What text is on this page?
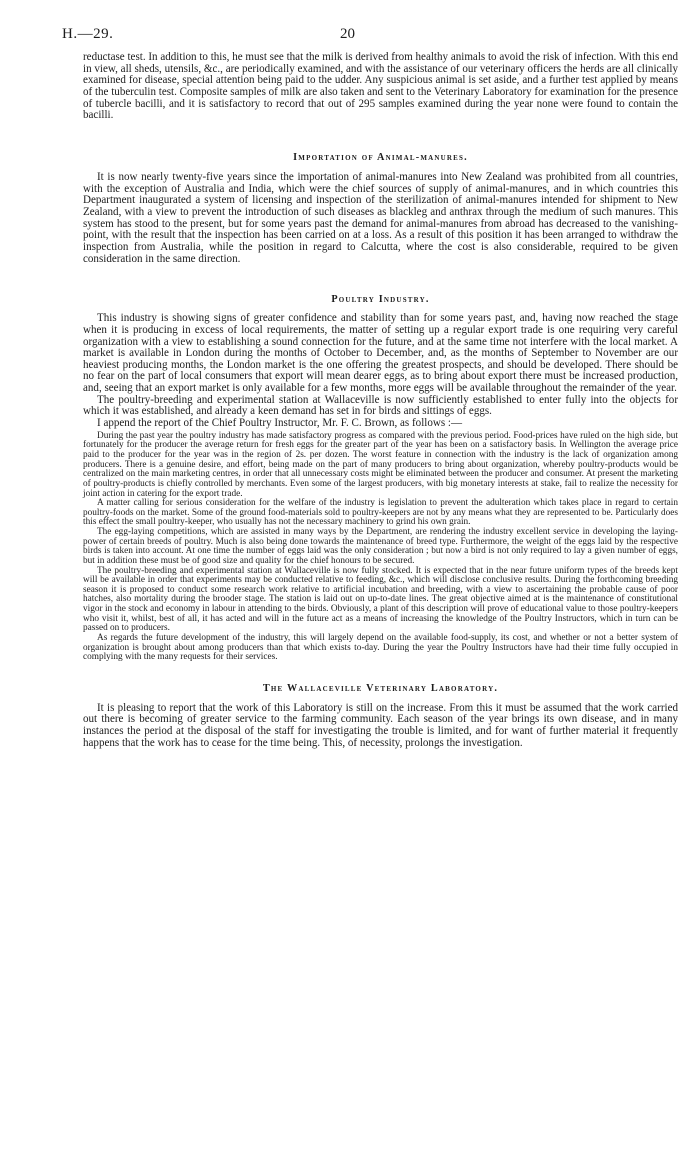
H.—29.	20

reductase test. In addition to this, he must see that the milk is derived from healthy animals to avoid the risk of infection. With this end in view, all sheds, utensils, &c., are periodically examined, and with the assistance of our veterinary officers the herds are all clinically examined for disease, special attention being paid to the udder. Any suspicious animal is set aside, and a further test applied by means of the tuberculin test. Composite samples of milk are also taken and sent to the Veterinary Laboratory for examination for the presence of tubercle bacilli, and it is satisfactory to record that out of 295 samples examined during the year none were found to contain the bacilli.

Importation of Animal-manures.

It is now nearly twenty-five years since the importation of animal-manures into New Zealand was prohibited from all countries, with the exception of Australia and India, which were the chief sources of supply of animal-manures, and in which countries this Department inaugurated a system of licensing and inspection of the sterilization of animal-manures intended for shipment to New Zealand, with a view to prevent the introduction of such diseases as blackleg and anthrax through the medium of such manures. This system has stood to the present, but for some years past the demand for animal-manures from abroad has decreased to the vanishing-point, with the result that the inspection has been carried on at a loss. As a result of this position it has been arranged to withdraw the inspection from Australia, while the position in regard to Calcutta, where the cost is also considerable, required to be given consideration in the same direction.

Poultry Industry.

This industry is showing signs of greater confidence and stability than for some years past, and, having now reached the stage when it is producing in excess of local requirements, the matter of setting up a regular export trade is one requiring very careful organization with a view to establishing a sound connection for the future, and at the same time not interfere with the local market. A market is available in London during the months of October to December, and, as the months of September to November are our heaviest producing months, the London market is the one offering the greatest prospects, and should be developed. There should be no fear on the part of local consumers that export will mean dearer eggs, as to bring about export there must be increased production, and, seeing that an export market is only available for a few months, more eggs will be available throughout the remainder of the year.

The poultry-breeding and experimental station at Wallaceville is now sufficiently established to enter fully into the objects for which it was established, and already a keen demand has set in for birds and sittings of eggs.

I append the report of the Chief Poultry Instructor, Mr. F. C. Brown, as follows :—

During the past year the poultry industry has made satisfactory progress as compared with the previous period. Food-prices have ruled on the high side, but fortunately for the producer the average return for fresh eggs for the greater part of the year has been on a satisfactory basis. In Wellington the average price paid to the producer for the year was in the region of 2s. per dozen. The worst feature in connection with the industry is the lack of organization among producers. There is a genuine desire, and effort, being made on the part of many producers to bring about organization, whereby poultry-products would be centralized on the main marketing centres, in order that all unnecessary costs might be eliminated between the producer and consumer. At present the marketing of poultry-products is chiefly controlled by merchants. Even some of the largest producers, with big monetary interests at stake, fail to realize the necessity for joint action in catering for the export trade.

A matter calling for serious consideration for the welfare of the industry is legislation to prevent the adulteration which takes place in regard to certain poultry-foods on the market. Some of the ground food-materials sold to poultry-keepers are not by any means what they are represented to be. Particularly does this effect the small poultry-keeper, who usually has not the necessary machinery to grind his own grain.

The egg-laying competitions, which are assisted in many ways by the Department, are rendering the industry excellent service in developing the laying-power of certain breeds of poultry. Much is also being done towards the maintenance of breed type. Furthermore, the weight of the eggs laid by the respective birds is taken into account. At one time the number of eggs laid was the only consideration ; but now a bird is not only required to lay a given number of eggs, but in addition these must be of good size and quality for the chief honours to be secured.

The poultry-breeding and experimental station at Wallaceville is now fully stocked. It is expected that in the near future uniform types of the breeds kept will be available in order that experiments may be conducted relative to feeding, &c., which will disclose conclusive results. During the forthcoming breeding season it is proposed to conduct some research work relative to artificial incubation and breeding, with a view to ascertaining the probable cause of poor hatches, also mortality during the brooder stage. The station is laid out on up-to-date lines. The great objective aimed at is the maintenance of constitutional vigor in the stock and economy in labour in attending to the birds. Obviously, a plant of this description will prove of educational value to those poultry-keepers who visit it, whilst, best of all, it has acted and will in the future act as a means of increasing the knowledge of the Poultry Instructors, which in turn can be passed on to producers.

As regards the future development of the industry, this will largely depend on the available food-supply, its cost, and whether or not a better system of organization is brought about among producers than that which exists to-day. During the year the Poultry Instructors have had their time fully occupied in complying with the many requests for their services.

The Wallaceville Veterinary Laboratory.

It is pleasing to report that the work of this Laboratory is still on the increase. From this it must be assumed that the work carried out there is becoming of greater service to the farming community. Each season of the year brings its own disease, and in many instances the period at the disposal of the staff for investigating the trouble is limited, and for want of further material it frequently happens that the work has to cease for the time being. This, of necessity, prolongs the investigation.
